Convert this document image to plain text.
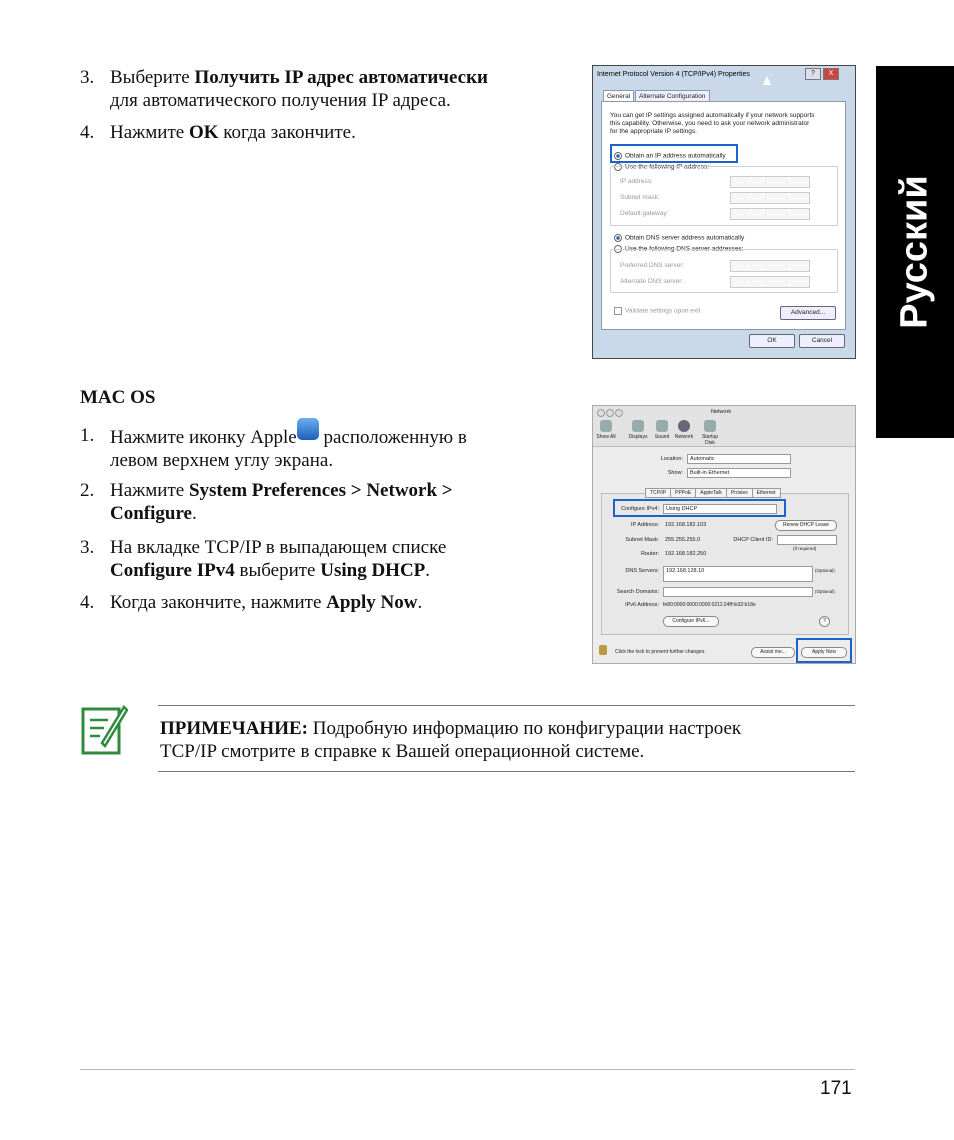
Русский
3. Выберите Получить IP адрес автоматически
для автоматического получения IP адреса.
4. Нажмите OK когда закончите.
Internet Protocol Version 4 (TCP/IPv4) Properties	?	X
General	Alternate Configuration
You can get IP settings assigned automatically if your network supports
this capability. Otherwise, you need to ask your network administrator
for the appropriate IP settings.
Obtain an IP address automatically
Use the following IP address:
IP address:	. . .
Subnet mask:	. . .
Default gateway:	. . .
Obtain DNS server address automatically
Use the following DNS server addresses:
Preferred DNS server:	. . .
Alternate DNS server:	. . .
Validate settings upon exit	Advanced...
OK	Cancel
MAC OS
1. Нажмите иконку Apple расположенную в
левом верхнем углу экрана.
2. Нажмите System Preferences > Network >
Configure.
3. На вкладке TCP/IP в выпадающем списке
Configure IPv4 выберите Using DHCP.
4. Когда закончите, нажмите Apply Now.
Network
Show All	Displays	Sound	Network	Startup Disk
Location:	Automatic
Show:	Built-in Ethernet
TCP/IP PPPoE AppleTalk Proxies Ethernet
Configure IPv4:	Using DHCP
IP Address: 192.168.182.103	Renew DHCP Lease
Subnet Mask: 255.255.255.0	DHCP Client ID:
(If required)
Router: 192.168.182.250
DNS Servers:	192.168.128.10	(Optional)
Search Domains:	(Optional)
IPv6 Address: fe80:0000:0000:0000:0211:24ff:fe32:b18e
Configure IPv6...	?
Click the lock to prevent further changes.	Assist me...	Apply Now
ПРИМЕЧАНИЕ: Подробную информацию по конфигурации настроек
TCP/IP смотрите в справке к Вашей операционной системе.
171
